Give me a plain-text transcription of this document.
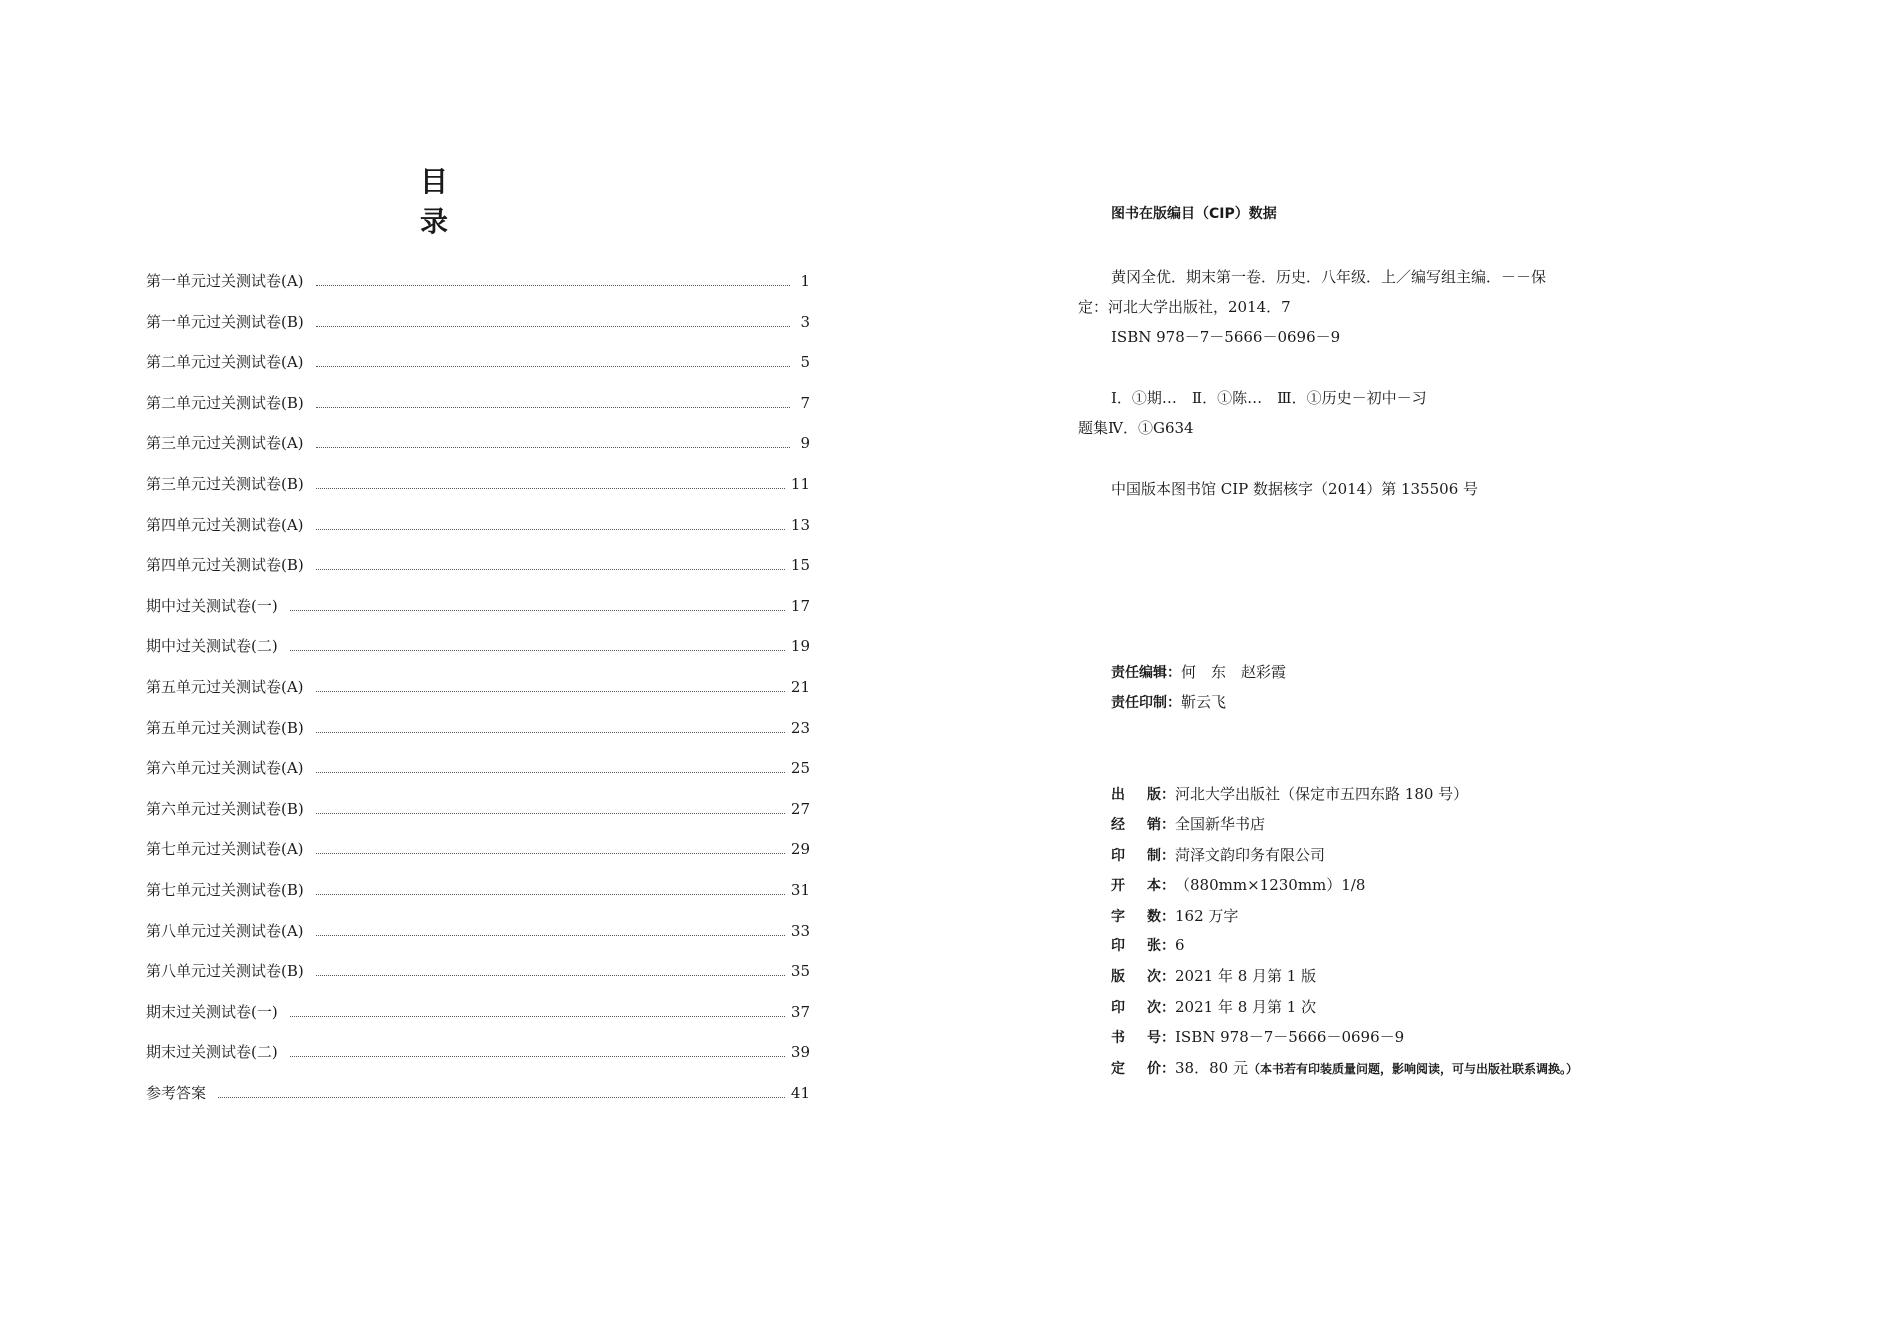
目　录
第一单元过关测试卷(A)	1
第一单元过关测试卷(B)	3
第二单元过关测试卷(A)	5
第二单元过关测试卷(B)	7
第三单元过关测试卷(A)	9
第三单元过关测试卷(B)	11
第四单元过关测试卷(A)	13
第四单元过关测试卷(B)	15
期中过关测试卷(一)	17
期中过关测试卷(二)	19
第五单元过关测试卷(A)	21
第五单元过关测试卷(B)	23
第六单元过关测试卷(A)	25
第六单元过关测试卷(B)	27
第七单元过关测试卷(A)	29
第七单元过关测试卷(B)	31
第八单元过关测试卷(A)	33
第八单元过关测试卷(B)	35
期末过关测试卷(一)	37
期末过关测试卷(二)	39
参考答案	41
图书在版编目（CIP）数据
黄冈全优．期末第一卷．历史．八年级．上／编写组主编．－－保
定：河北大学出版社，2014．7
ISBN 978－7－5666－0696－9
Ⅰ．①期…　Ⅱ．①陈…　Ⅲ．①历史－初中－习
题集Ⅳ．①G634
中国版本图书馆 CIP 数据核字（2014）第 135506 号
责任编辑：何　东　赵彩霞
责任印制：靳云飞
出 版 ： 河北大学出版社（保定市五四东路 180 号）
经 销 ： 全国新华书店
印 制 ： 菏泽文韵印务有限公司
开 本 ： （880mm×1230mm）1/8
字 数 ： 162 万字
印 张 ： 6
版 次 ： 2021 年 8 月第 1 版
印 次 ： 2021 年 8 月第 1 次
书 号 ： ISBN 978－7－5666－0696－9
定 价 ： 38．80 元 （本书若有印装质量问题，影响阅读，可与出版社联系调换。）
